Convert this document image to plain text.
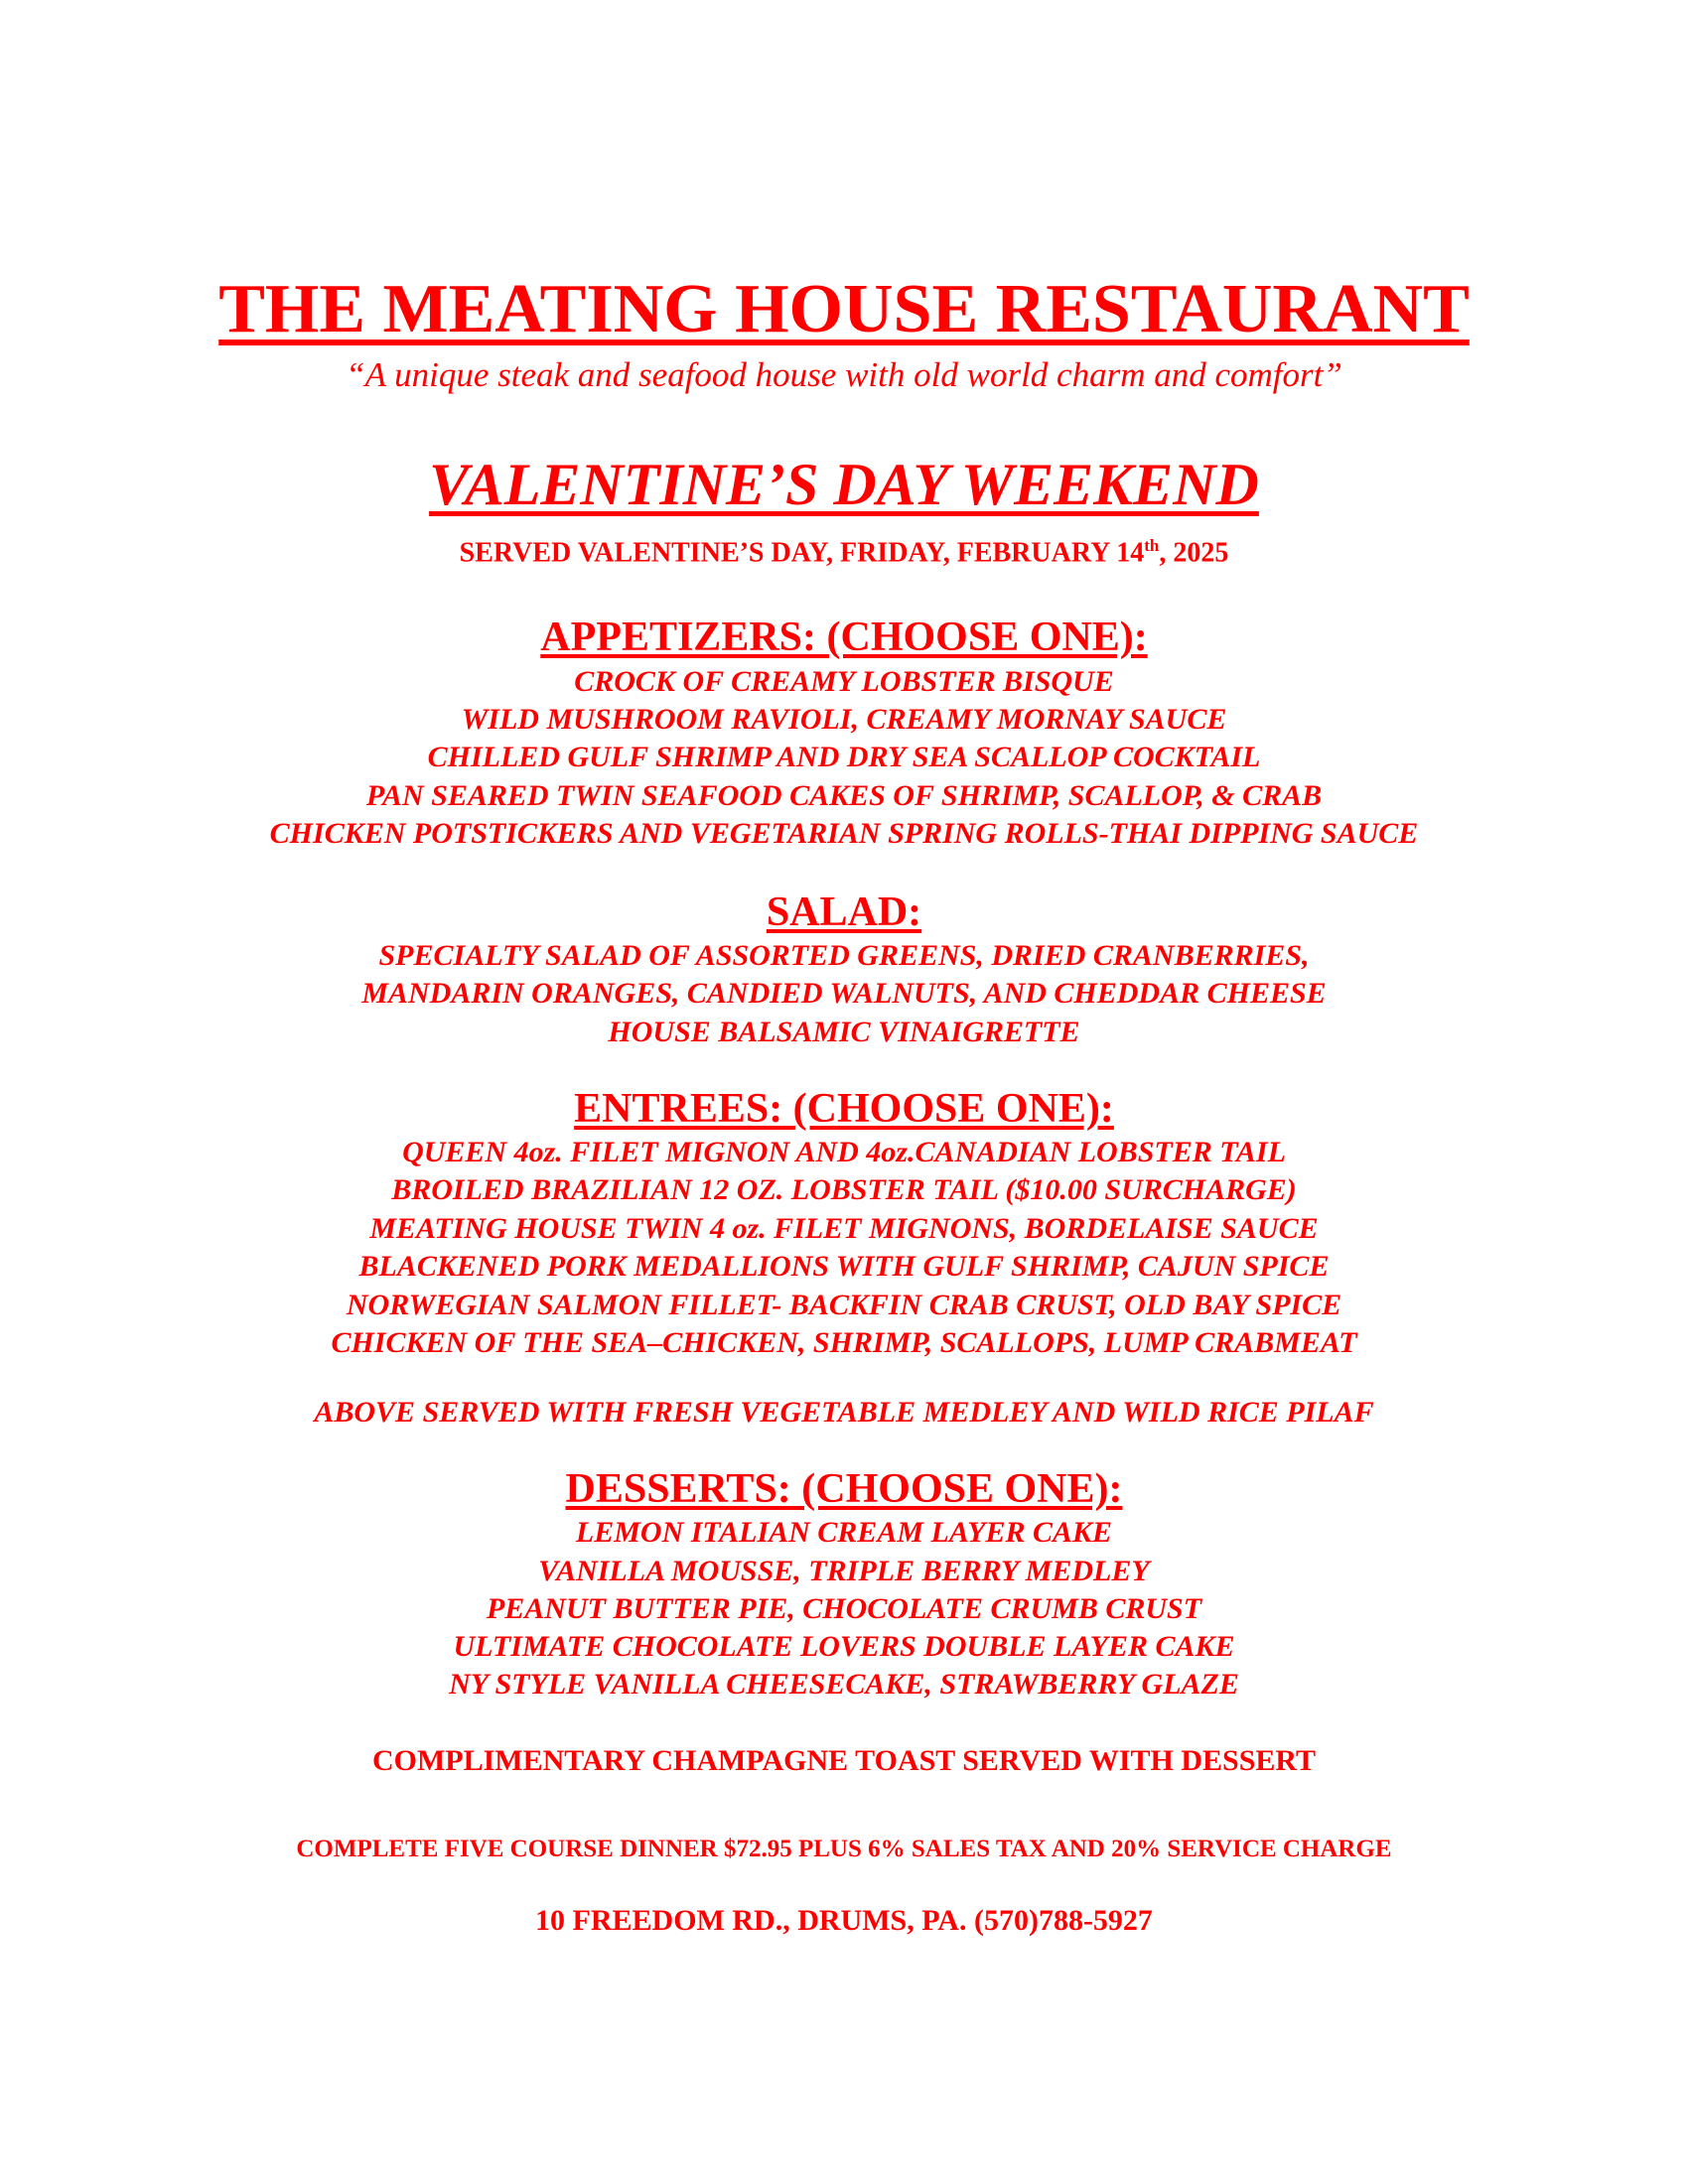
THE MEATING HOUSE RESTAURANT
“A unique steak and seafood house with old world charm and comfort”
VALENTINE’S DAY WEEKEND
SERVED VALENTINE’S DAY, FRIDAY, FEBRUARY 14th, 2025
APPETIZERS: (CHOOSE ONE):
CROCK OF CREAMY LOBSTER BISQUE
WILD MUSHROOM RAVIOLI, CREAMY MORNAY SAUCE
CHILLED GULF SHRIMP AND DRY SEA SCALLOP COCKTAIL
PAN SEARED TWIN SEAFOOD CAKES OF SHRIMP, SCALLOP, & CRAB
CHICKEN POTSTICKERS AND VEGETARIAN SPRING ROLLS-THAI DIPPING SAUCE
SALAD:
SPECIALTY SALAD OF ASSORTED GREENS, DRIED CRANBERRIES,
MANDARIN ORANGES, CANDIED WALNUTS, AND CHEDDAR CHEESE
HOUSE BALSAMIC VINAIGRETTE
ENTREES: (CHOOSE ONE):
QUEEN 4oz. FILET MIGNON AND 4oz.CANADIAN LOBSTER TAIL
BROILED BRAZILIAN 12 OZ. LOBSTER TAIL ($10.00 SURCHARGE)
MEATING HOUSE TWIN 4 oz. FILET MIGNONS, BORDELAISE SAUCE
BLACKENED PORK MEDALLIONS WITH GULF SHRIMP, CAJUN SPICE
NORWEGIAN SALMON FILLET- BACKFIN CRAB CRUST, OLD BAY SPICE
CHICKEN OF THE SEA–CHICKEN, SHRIMP, SCALLOPS, LUMP CRABMEAT
ABOVE SERVED WITH FRESH VEGETABLE MEDLEY AND WILD RICE PILAF
DESSERTS: (CHOOSE ONE):
LEMON ITALIAN CREAM LAYER CAKE
VANILLA MOUSSE, TRIPLE BERRY MEDLEY
PEANUT BUTTER PIE, CHOCOLATE CRUMB CRUST
ULTIMATE CHOCOLATE LOVERS DOUBLE LAYER CAKE
NY STYLE VANILLA CHEESECAKE, STRAWBERRY GLAZE
COMPLIMENTARY CHAMPAGNE TOAST SERVED WITH DESSERT
COMPLETE FIVE COURSE DINNER $72.95 PLUS 6% SALES TAX AND 20% SERVICE CHARGE
10 FREEDOM RD., DRUMS, PA. (570)788-5927
